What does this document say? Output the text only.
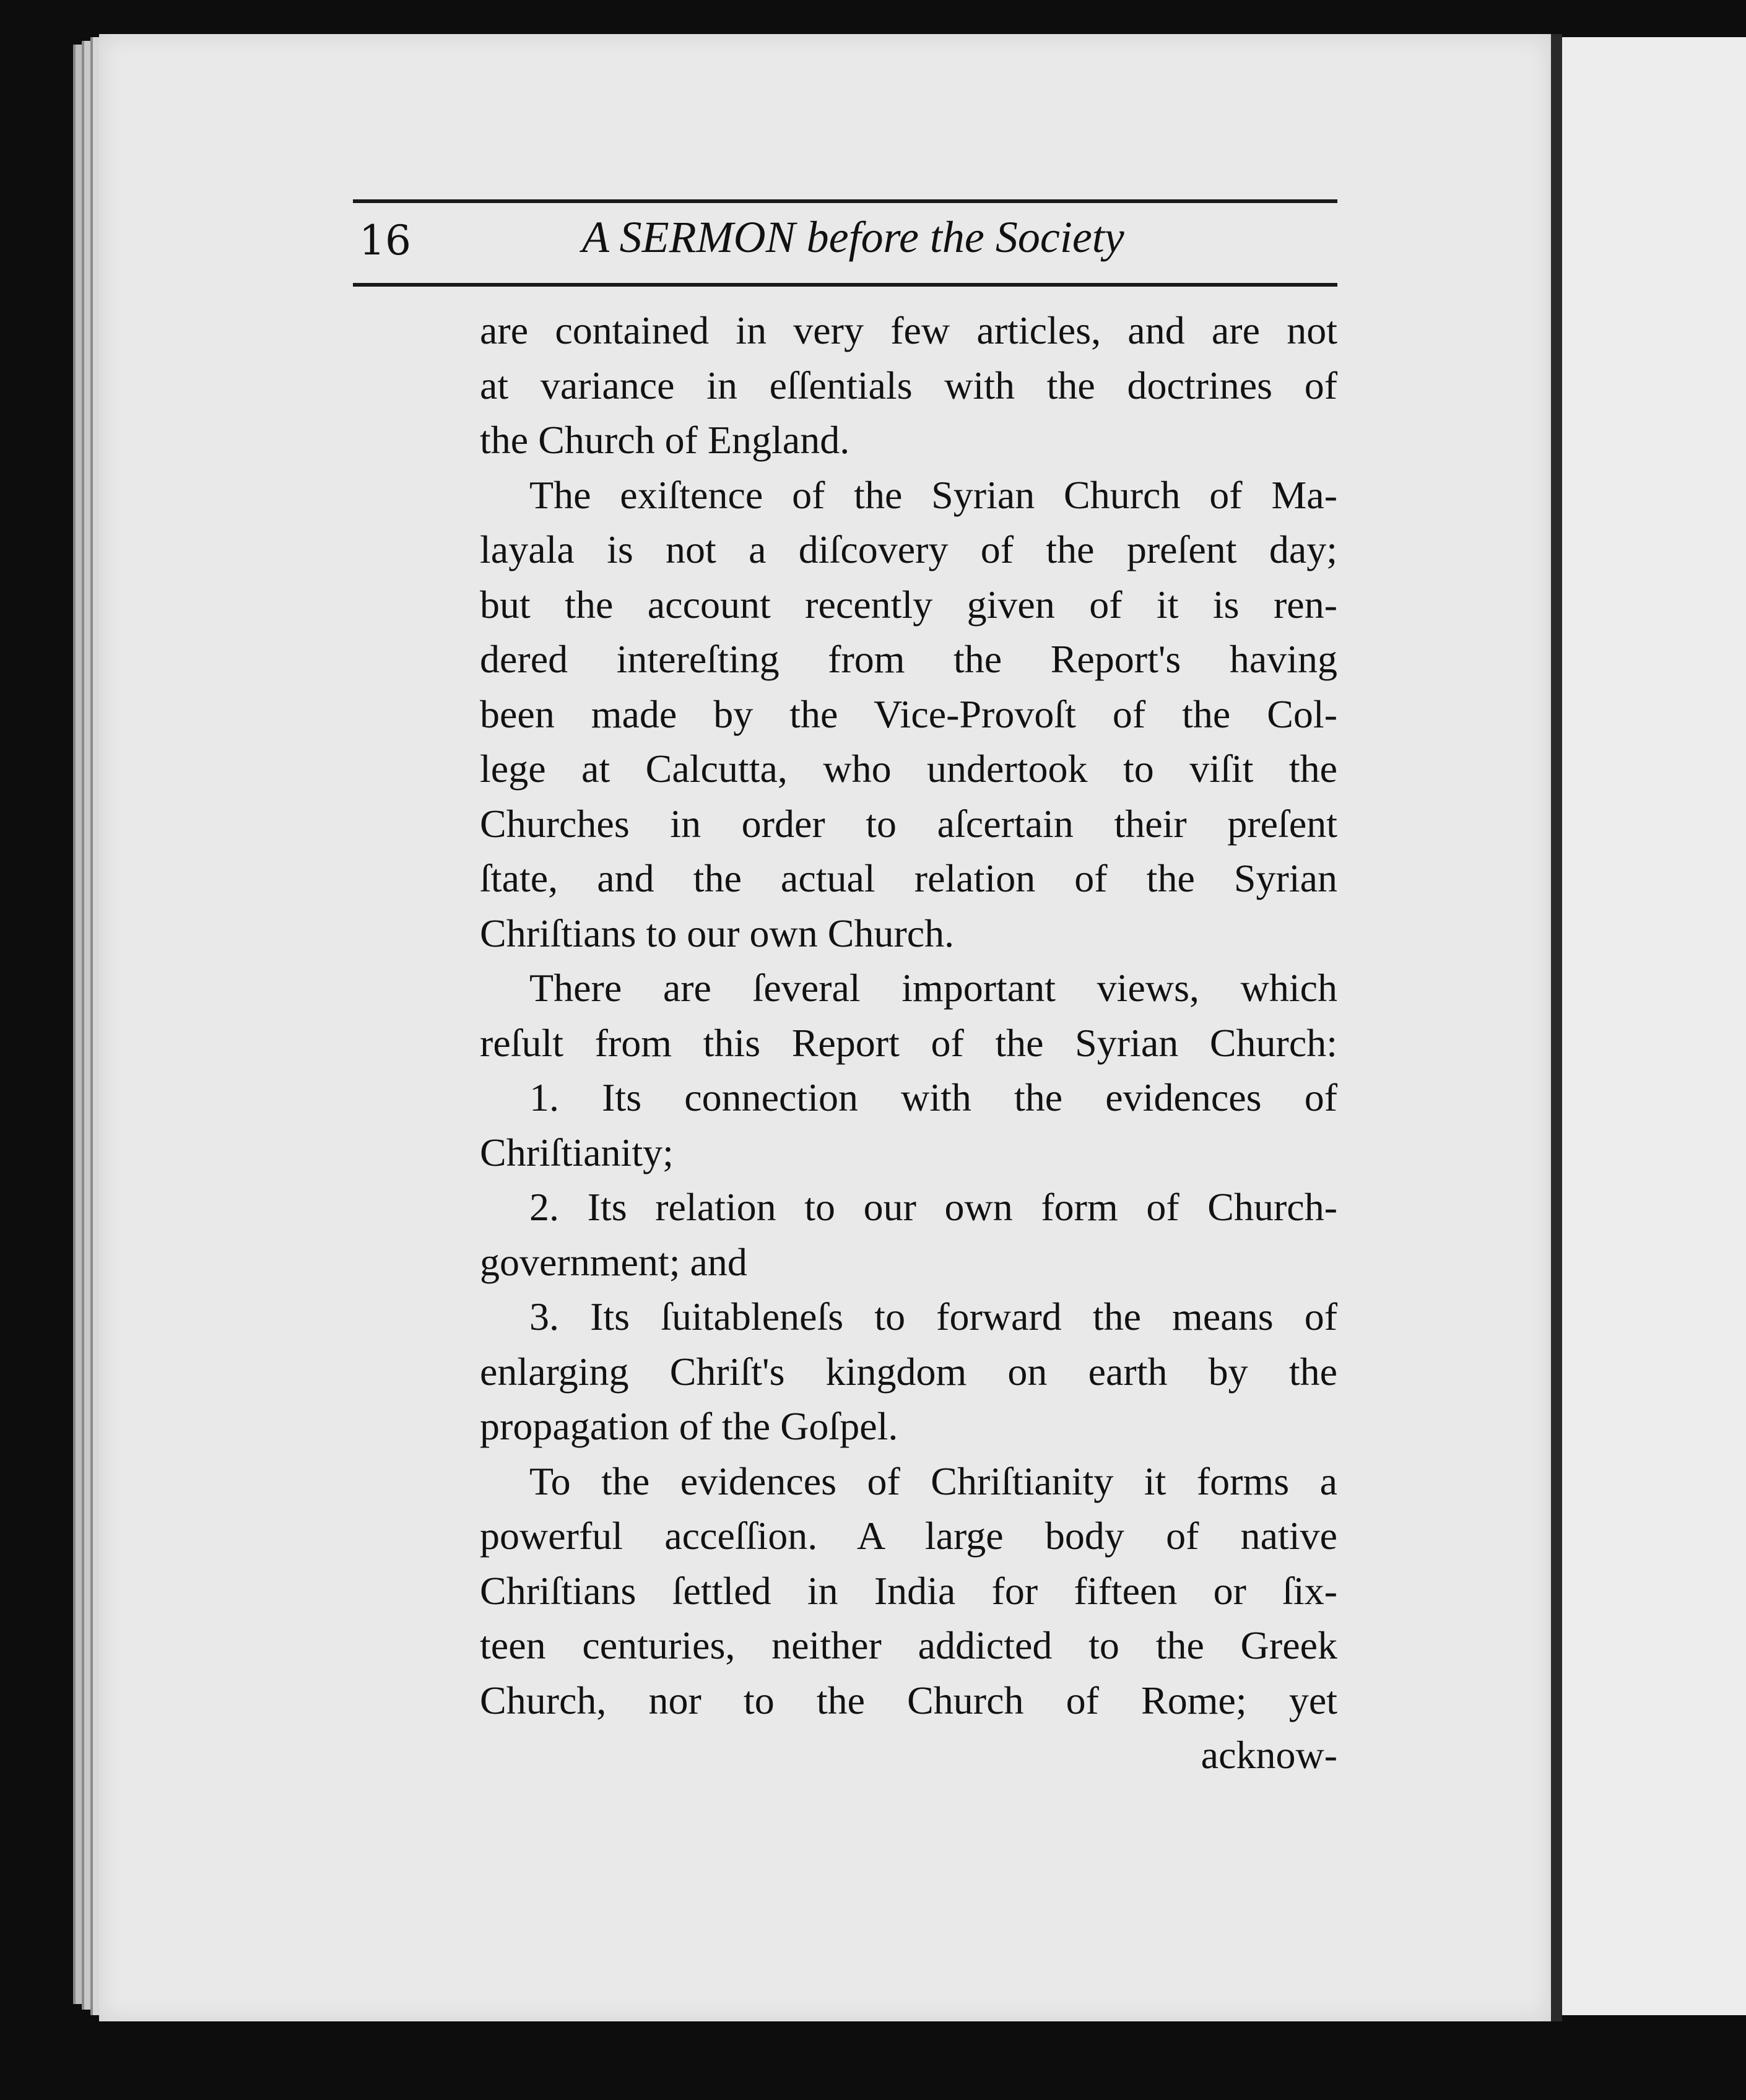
16	A SERMON before the Society
are contained in very few articles, and are not
at variance in eſſentials with the doctrines of
the Church of England.
The exiſtence of the Syrian Church of Ma-
layala is not a diſcovery of the preſent day;
but the account recently given of it is ren-
dered intereſting from the Report's having
been made by the Vice-Provoſt of the Col-
lege at Calcutta, who undertook to viſit the
Churches in order to aſcertain their preſent
ſtate, and the actual relation of the Syrian
Chriſtians to our own Church.
There are ſeveral important views, which
reſult from this Report of the Syrian Church:
1. Its connection with the evidences of
Chriſtianity;
2. Its relation to our own form of Church-
government; and
3. Its ſuitableneſs to forward the means of
enlarging Chriſt's kingdom on earth by the
propagation of the Goſpel.
To the evidences of Chriſtianity it forms a
powerful acceſſion. A large body of native
Chriſtians ſettled in India for fifteen or ſix-
teen centuries, neither addicted to the Greek
Church, nor to the Church of Rome; yet
acknow-
